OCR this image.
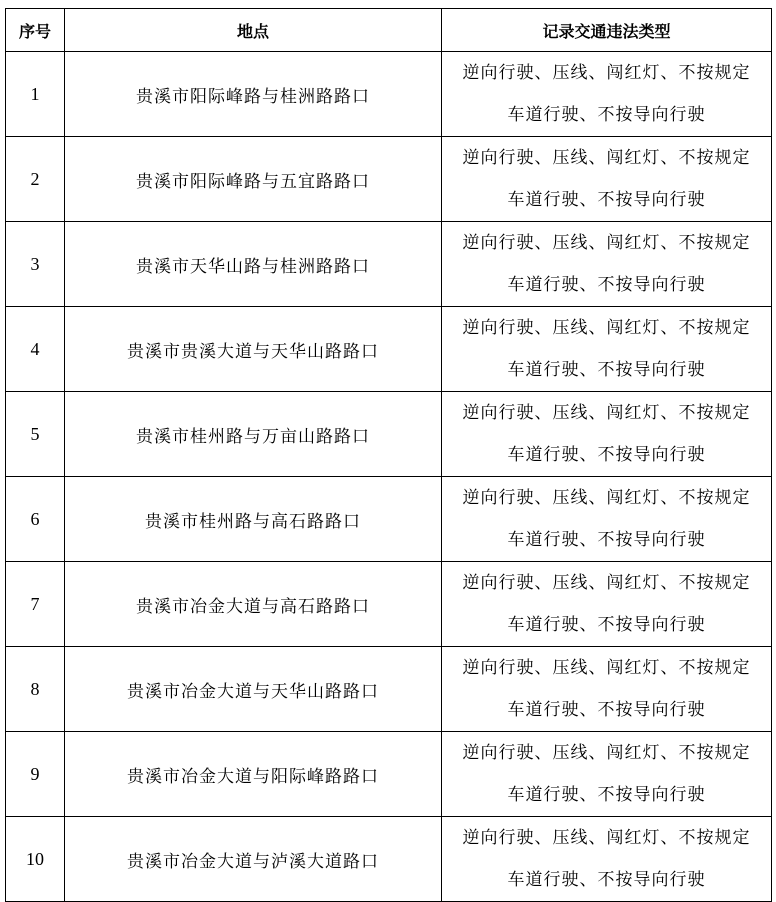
序号	地点	记录交通违法类型
1	贵溪市阳际峰路与桂洲路路口	逆向行驶、压线、闯红灯、不按规定
车道行驶、不按导向行驶

2	贵溪市阳际峰路与五宜路路口	逆向行驶、压线、闯红灯、不按规定
车道行驶、不按导向行驶

3	贵溪市天华山路与桂洲路路口	逆向行驶、压线、闯红灯、不按规定
车道行驶、不按导向行驶

4	贵溪市贵溪大道与天华山路路口	逆向行驶、压线、闯红灯、不按规定
车道行驶、不按导向行驶

5	贵溪市桂州路与万亩山路路口	逆向行驶、压线、闯红灯、不按规定
车道行驶、不按导向行驶

6	贵溪市桂州路与高石路路口	逆向行驶、压线、闯红灯、不按规定
车道行驶、不按导向行驶

7	贵溪市冶金大道与高石路路口	逆向行驶、压线、闯红灯、不按规定
车道行驶、不按导向行驶

8	贵溪市冶金大道与天华山路路口	逆向行驶、压线、闯红灯、不按规定
车道行驶、不按导向行驶

9	贵溪市冶金大道与阳际峰路路口	逆向行驶、压线、闯红灯、不按规定
车道行驶、不按导向行驶

10	贵溪市冶金大道与泸溪大道路口	逆向行驶、压线、闯红灯、不按规定
车道行驶、不按导向行驶
